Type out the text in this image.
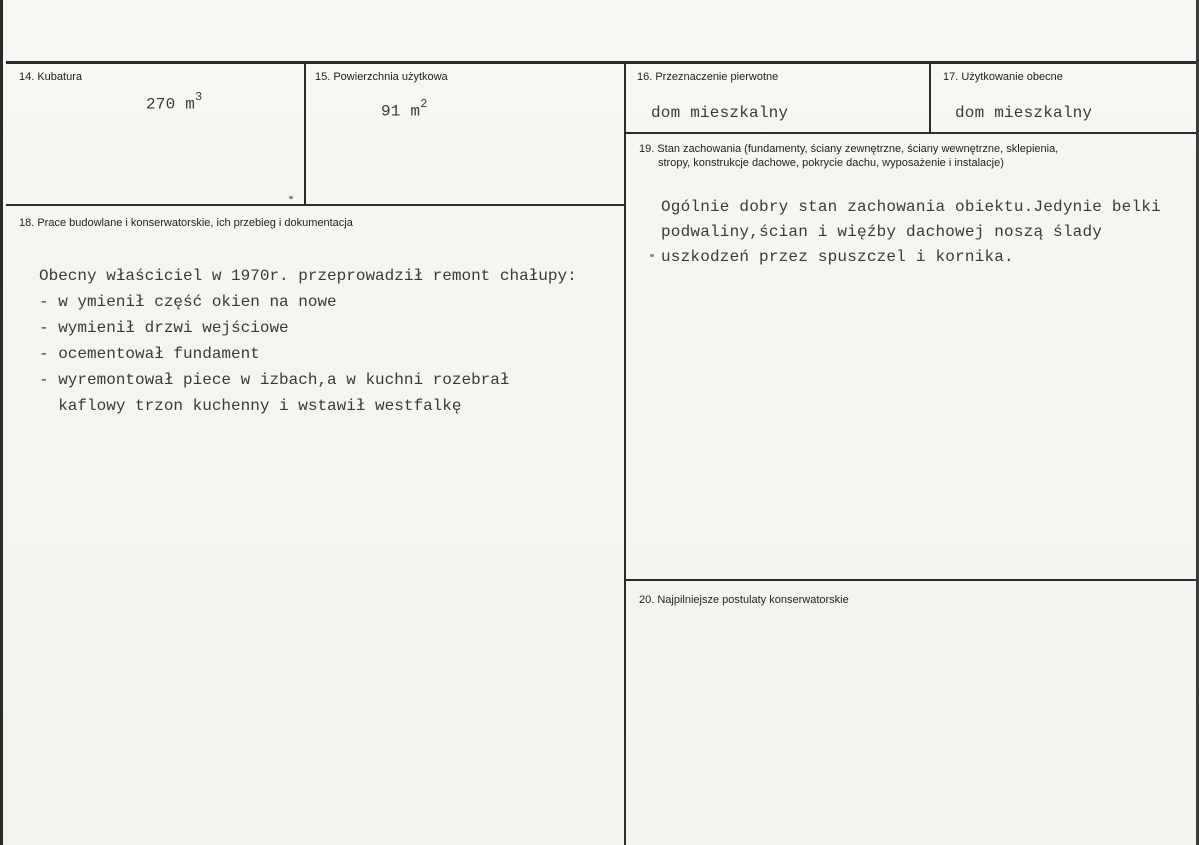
14. Kubatura
270 $m^3$
15. Powierzchnia użytkowa
91 $m^2$
16. Przeznaczenie pierwotne
dom mieszkalny
17. Użytkowanie obecne
dom mieszkalny
18. Prace budowlane i konserwatorskie, ich przebieg i dokumentacja
Obecny właściciel w 1970r. przeprowadził remont chałupy:
- w ymienił część okien na nowe
- wymienił drzwi wejściowe
- ocementował fundament
- wyremontował piece w izbach,a w kuchni rozebrał
kaflowy trzon kuchenny i wstawił westfalkę
19. Stan zachowania (fundamenty, ściany zewnętrzne, ściany wewnętrzne, sklepienia,
stropy, konstrukcje dachowe, pokrycie dachu, wyposażenie i instalacje)
Ogólnie dobry stan zachowania obiektu.Jedynie belki
podwaliny,ścian i więźby dachowej noszą ślady
uszkodzeń przez spuszczel i kornika.
20. Najpilniejsze postulaty konserwatorskie
